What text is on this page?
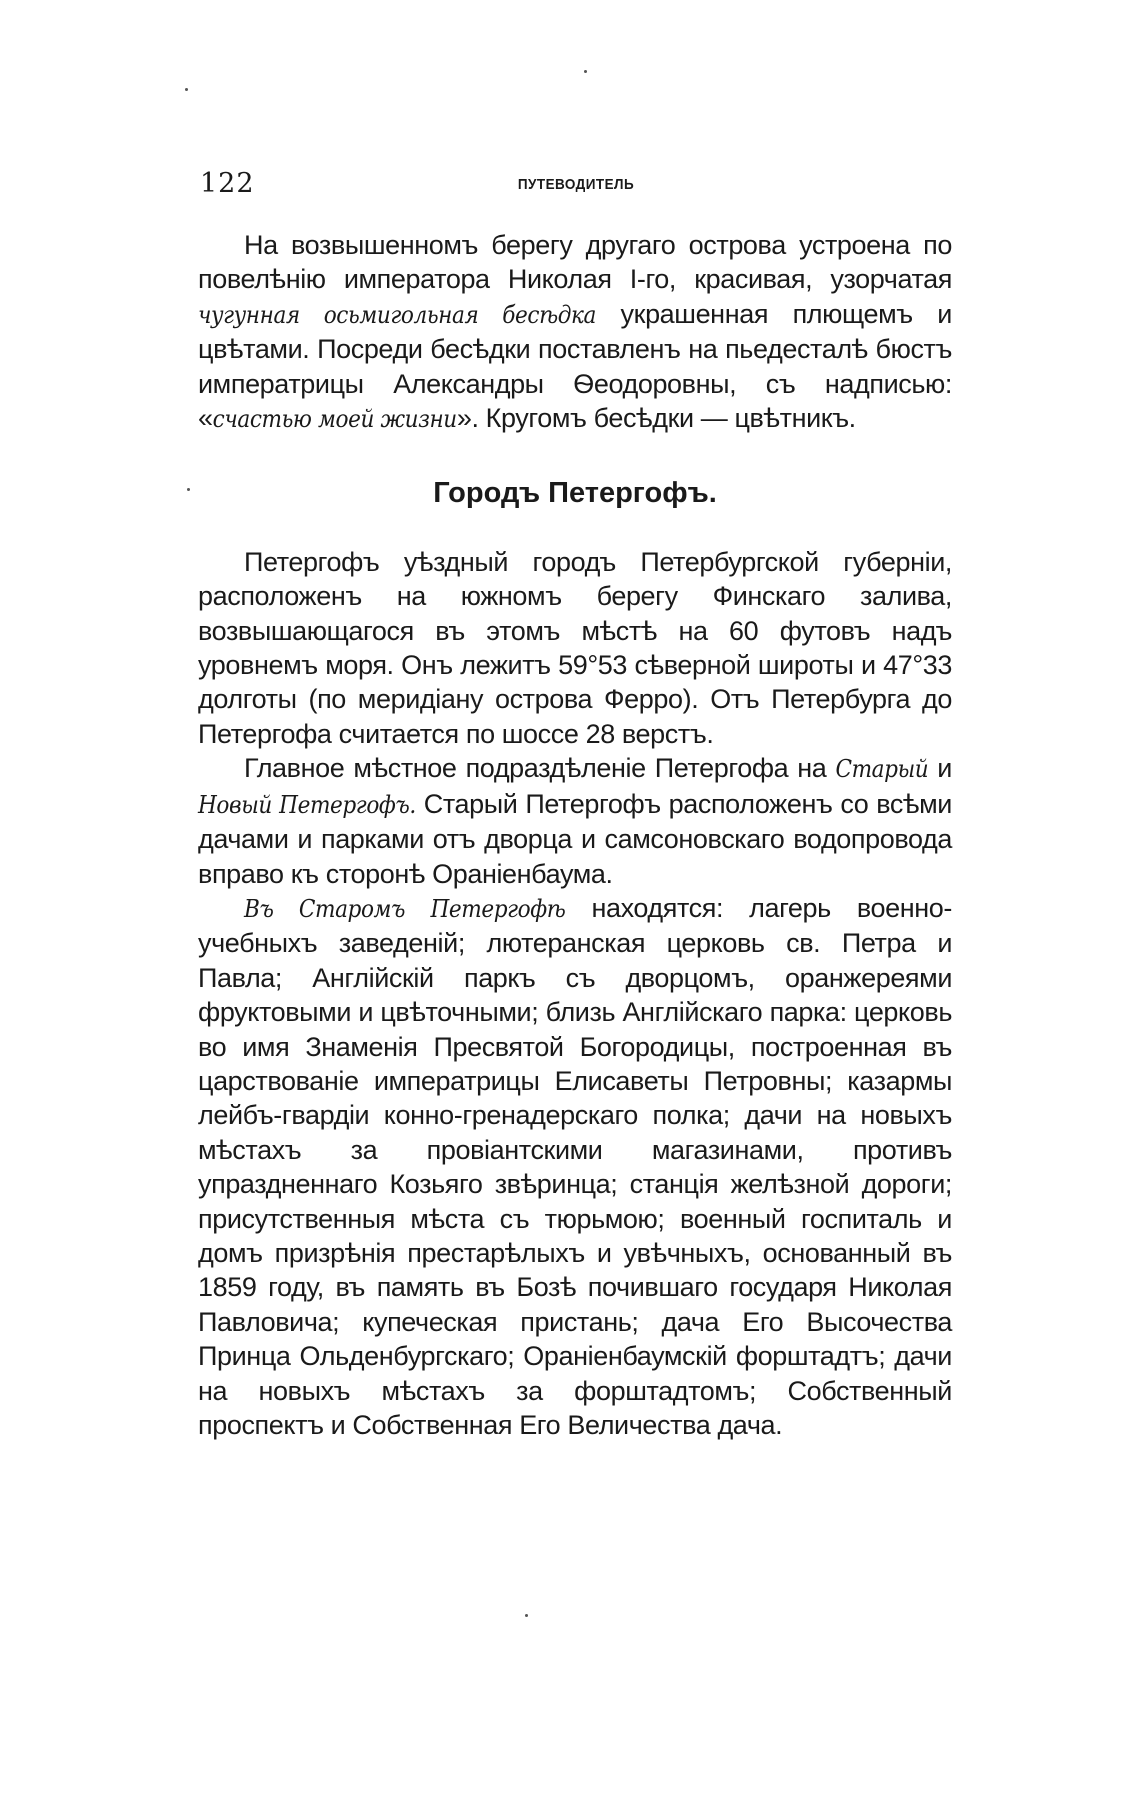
122	ПУТЕВОДИТЕЛЬ

На возвышенномъ берегу другаго острова устроена по повелѣнію императора Николая І-го, красивая, узорчатая чугунная осьмигольная бесѣдка украшенная плющемъ и цвѣтами. Посреди бесѣдки поставленъ на пьедесталѣ бюстъ императрицы Александры Ѳеодоровны, съ надписью: «счастью моей жизни». Кругомъ бесѣдки — цвѣтникъ.

Городъ Петергофъ.

Петергофъ уѣздный городъ Петербургской губерніи, расположенъ на южномъ берегу Финскаго залива, возвышающагося въ этомъ мѣстѣ на 60 футовъ надъ уровнемъ моря. Онъ лежитъ 59°53 сѣверной широты и 47°33 долготы (по меридіану острова Ферро). Отъ Петербурга до Петергофа считается по шоссе 28 верстъ.

Главное мѣстное подраздѣленіе Петергофа на Старый и Новый Петергофъ. Старый Петергофъ расположенъ со всѣми дачами и парками отъ дворца и самсоновскаго водопровода вправо къ сторонѣ Ораніенбаума.

Въ Старомъ Петергофѣ находятся: лагерь военно-учебныхъ заведеній; лютеранская церковь св. Петра и Павла; Англійскій паркъ съ дворцомъ, оранжереями фруктовыми и цвѣточными; близь Англійскаго парка: церковь во имя Знаменія Пресвятой Богородицы, построенная въ царствованіе императрицы Елисаветы Петровны; казармы лейбъ-гвардіи конно-гренадерскаго полка; дачи на новыхъ мѣстахъ за провіантскими магазинами, противъ упраздненнаго Козьяго звѣринца; станція желѣзной дороги; присутственныя мѣста съ тюрьмою; военный госпиталь и домъ призрѣнія престарѣлыхъ и увѣчныхъ, основанный въ 1859 году, въ память въ Бозѣ почившаго государя Николая Павловича; купеческая пристань; дача Его Высочества Принца Ольденбургскаго; Ораніенбаумскій форштадтъ; дачи на новыхъ мѣстахъ за форштадтомъ; Собственный проспектъ и Собственная Его Величества дача.
